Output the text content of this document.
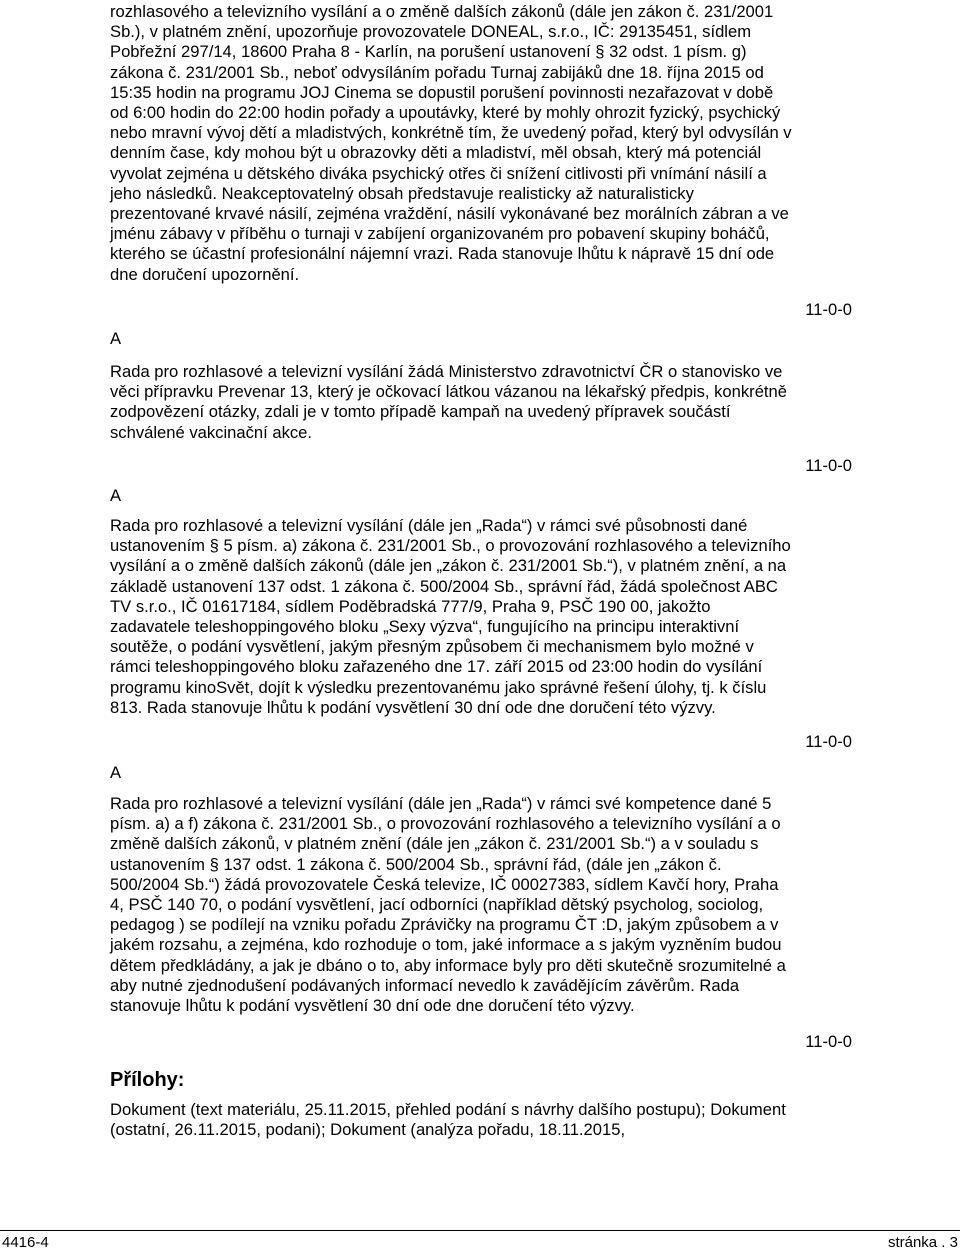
rozhlasového a televizního vysílání a o změně dalších zákonů (dále jen zákon č. 231/2001
Sb.), v platném znění, upozorňuje provozovatele DONEAL, s.r.o., IČ: 29135451, sídlem
Pobřežní 297/14, 18600 Praha 8 - Karlín, na porušení ustanovení § 32 odst. 1 písm. g)
zákona č. 231/2001 Sb., neboť odvysíláním pořadu Turnaj zabijáků dne 18. října 2015 od
15:35 hodin na programu JOJ Cinema se dopustil porušení povinnosti nezařazovat v době
od 6:00 hodin do 22:00 hodin pořady a upoutávky, které by mohly ohrozit fyzický, psychický
nebo mravní vývoj dětí a mladistvých, konkrétně tím, že uvedený pořad, který byl odvysílán v
denním čase, kdy mohou být u obrazovky děti a mladiství, měl obsah, který má potenciál
vyvolat zejména u dětského diváka psychický otřes či snížení citlivosti při vnímání násilí a
jeho následků. Neakceptovatelný obsah představuje realisticky až naturalisticky
prezentované krvavé násilí, zejména vraždění, násilí vykonávané bez morálních zábran a ve
jménu zábavy v příběhu o turnaji v zabíjení organizovaném pro pobavení skupiny boháčů,
kterého se účastní profesionální nájemní vrazi. Rada stanovuje lhůtu k nápravě 15 dní ode
dne doručení upozornění.
11-0-0
A
Rada pro rozhlasové a televizní vysílání žádá Ministerstvo zdravotnictví ČR o stanovisko ve
věci přípravku Prevenar 13, který je očkovací látkou vázanou na lékařský předpis, konkrétně
zodpovězení otázky, zdali je v tomto případě kampaň na uvedený přípravek součástí
schválené vakcinační akce.
11-0-0
A
Rada pro rozhlasové a televizní vysílání (dále jen „Rada“) v rámci své působnosti dané
ustanovením § 5 písm. a) zákona č. 231/2001 Sb., o provozování rozhlasového a televizního
vysílání a o změně dalších zákonů (dále jen „zákon č. 231/2001 Sb.“), v platném znění, a na
základě ustanovení 137 odst. 1 zákona č. 500/2004 Sb., správní řád, žádá společnost ABC
TV s.r.o., IČ 01617184, sídlem Poděbradská 777/9, Praha 9, PSČ 190 00, jakožto
zadavatele teleshoppingového bloku „Sexy výzva“, fungujícího na principu interaktivní
soutěže, o podání vysvětlení, jakým přesným způsobem či mechanismem bylo možné v
rámci teleshoppingového bloku zařazeného dne 17. září 2015 od 23:00 hodin do vysílání
programu kinoSvět, dojít k výsledku prezentovanému jako správné řešení úlohy, tj. k číslu
813. Rada stanovuje lhůtu k podání vysvětlení 30 dní ode dne doručení této výzvy.
11-0-0
A
Rada pro rozhlasové a televizní vysílání (dále jen „Rada“) v rámci své kompetence dané 5
písm. a) a f) zákona č. 231/2001 Sb., o provozování rozhlasového a televizního vysílání a o
změně dalších zákonů, v platném znění (dále jen „zákon č. 231/2001 Sb.“) a v souladu s
ustanovením § 137 odst. 1 zákona č. 500/2004 Sb., správní řád, (dále jen „zákon č.
500/2004 Sb.“) žádá provozovatele Česká televize, IČ 00027383, sídlem Kavčí hory, Praha
4, PSČ 140 70, o podání vysvětlení, jací odborníci (například dětský psycholog, sociolog,
pedagog ) se podílejí na vzniku pořadu Zprávičky na programu ČT :D, jakým způsobem a v
jakém rozsahu, a zejména, kdo rozhoduje o tom, jaké informace a s jakým vyzněním budou
dětem předkládány, a jak je dbáno o to, aby informace byly pro děti skutečně srozumitelné a
aby nutné zjednodušení podávaných informací nevedlo k zavádějícím závěrům. Rada
stanovuje lhůtu k podání vysvětlení 30 dní ode dne doručení této výzvy.
11-0-0
Přílohy:
Dokument (text materiálu, 25.11.2015, přehled podání s návrhy dalšího postupu); Dokument
(ostatní, 26.11.2015, podani); Dokument (analýza pořadu, 18.11.2015,
4416-4	stránka . 3
